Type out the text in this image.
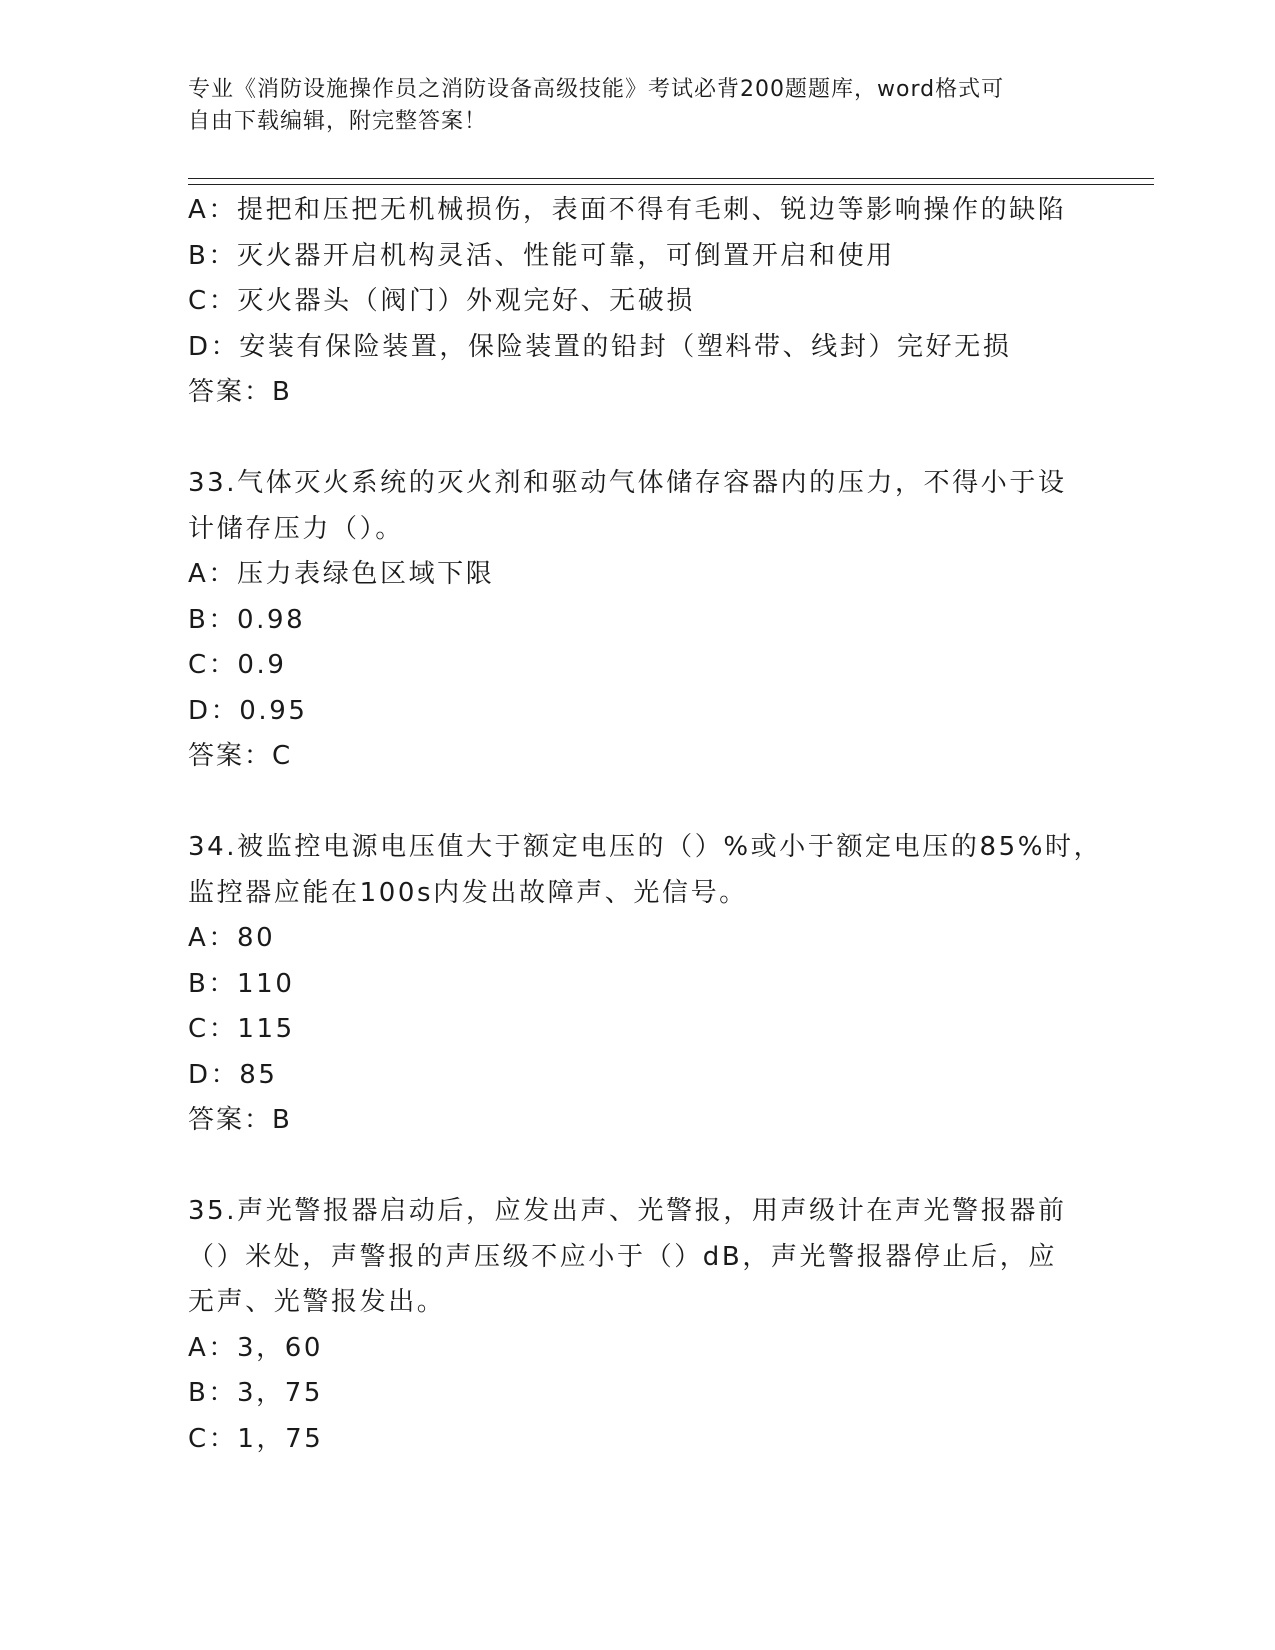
专业《消防设施操作员之消防设备高级技能》考试必背200题题库，word格式可
自由下载编辑，附完整答案！
A：提把和压把无机械损伤，表面不得有毛刺、锐边等影响操作的缺陷
B：灭火器开启机构灵活、性能可靠，可倒置开启和使用
C：灭火器头（阀门）外观完好、无破损
D：安装有保险装置，保险装置的铅封（塑料带、线封）完好无损
答案：B
33.气体灭火系统的灭火剂和驱动气体储存容器内的压力，不得小于设
计储存压力（）。
A：压力表绿色区域下限
B：0.98
C：0.9
D：0.95
答案：C
34.被监控电源电压值大于额定电压的（）%或小于额定电压的85%时，
监控器应能在100s内发出故障声、光信号。
A：80
B：110
C：115
D：85
答案：B
35.声光警报器启动后，应发出声、光警报，用声级计在声光警报器前
（）米处，声警报的声压级不应小于（）dB，声光警报器停止后，应
无声、光警报发出。
A：3，60
B：3，75
C：1，75
